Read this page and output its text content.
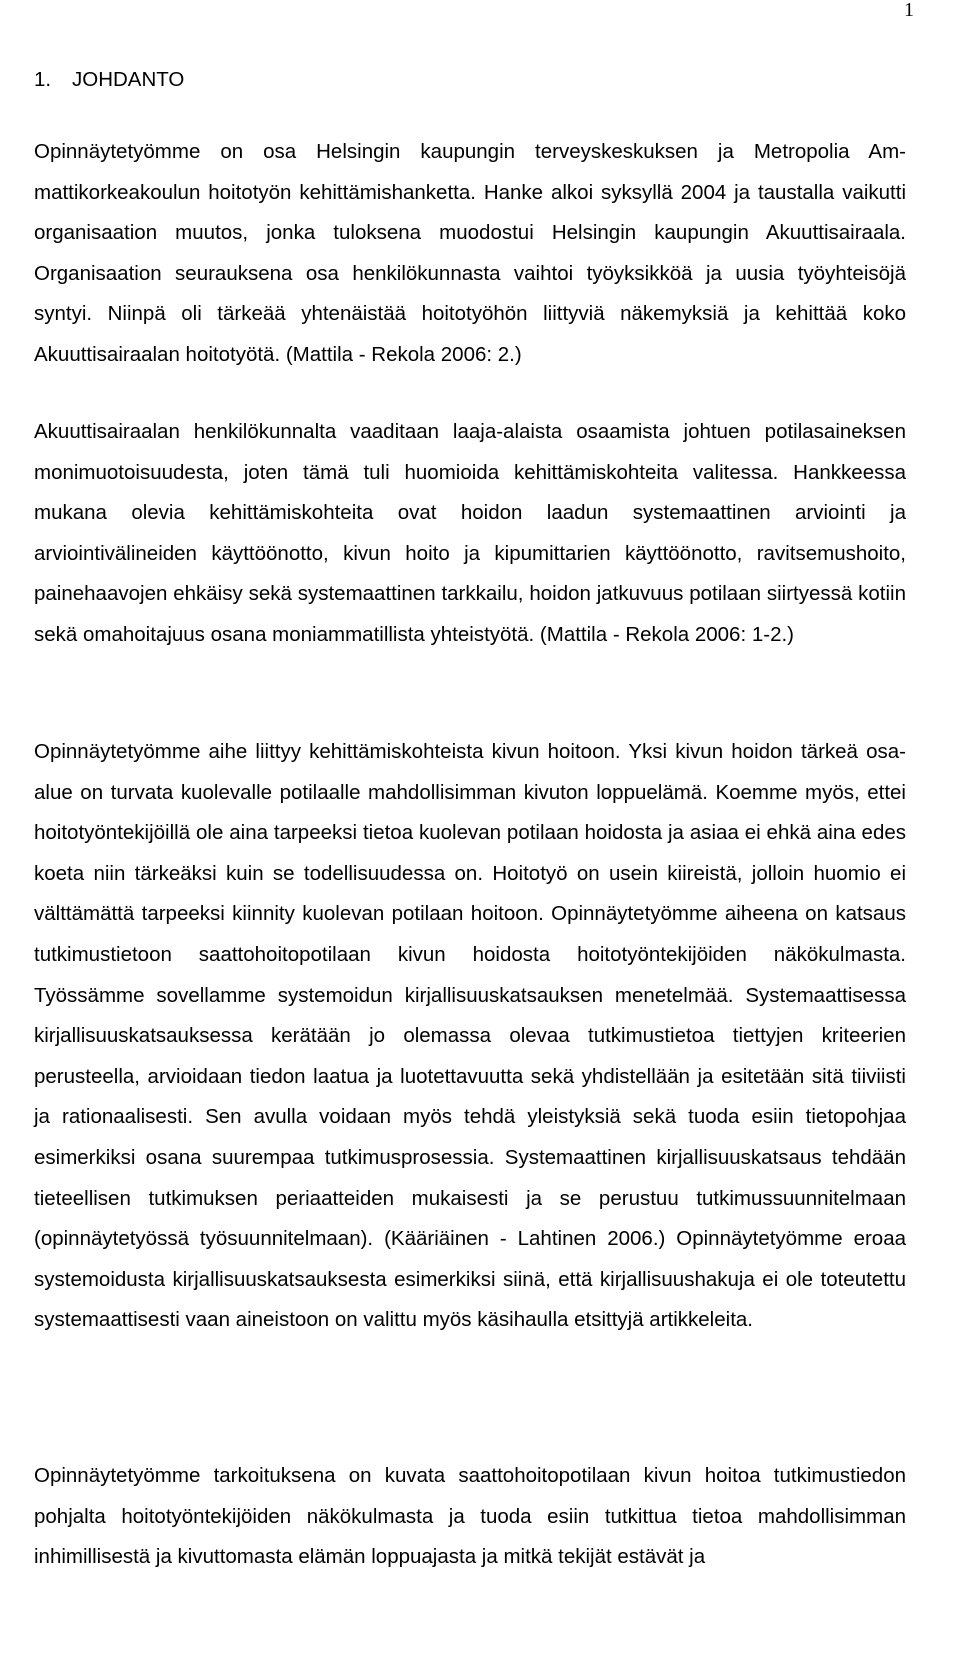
1
1. JOHDANTO

Opinnäytetyömme on osa Helsingin kaupungin terveyskeskuksen ja Metropolia Ammattikorkeakoulun hoitotyön kehittämishanketta. Hanke alkoi syksyllä 2004 ja taustalla vaikutti organisaation muutos, jonka tuloksena muodostui Helsingin kaupungin Akuuttisairaala. Organisaation seurauksena osa henkilökunnasta vaihtoi työyksikköä ja uusia työyhteisöjä syntyi. Niinpä oli tärkeää yhtenäistää hoitotyöhön liittyviä näkemyksiä ja kehittää koko Akuuttisairaalan hoitotyötä. (Mattila - Rekola 2006: 2.)

Akuuttisairaalan henkilökunnalta vaaditaan laaja-alaista osaamista johtuen potilasaineksen monimuotoisuudesta, joten tämä tuli huomioida kehittämiskohteita valitessa. Hankkeessa mukana olevia kehittämiskohteita ovat hoidon laadun systemaattinen arviointi ja arviointivälineiden käyttöönotto, kivun hoito ja kipumittarien käyttöönotto, ravitsemushoito, painehaavojen ehkäisy sekä systemaattinen tarkkailu, hoidon jatkuvuus potilaan siirtyessä kotiin sekä omahoitajuus osana moniammatillista yhteistyötä. (Mattila - Rekola 2006: 1-2.)

Opinnäytetyömme aihe liittyy kehittämiskohteista kivun hoitoon. Yksi kivun hoidon tärkeä osa-alue on turvata kuolevalle potilaalle mahdollisimman kivuton loppuelämä. Koemme myös, ettei hoitotyöntekijöillä ole aina tarpeeksi tietoa kuolevan potilaan hoidosta ja asiaa ei ehkä aina edes koeta niin tärkeäksi kuin se todellisuudessa on. Hoitotyö on usein kiireistä, jolloin huomio ei välttämättä tarpeeksi kiinnity kuolevan potilaan hoitoon. Opinnäytetyömme aiheena on katsaus tutkimustietoon saattohoitopotilaan kivun hoidosta hoitotyöntekijöiden näkökulmasta. Työssämme sovellamme systemoidun kirjallisuuskatsauksen menetelmää. Systemaattisessa kirjallisuuskatsauksessa kerätään jo olemassa olevaa tutkimustietoa tiettyjen kriteerien perusteella, arvioidaan tiedon laatua ja luotettavuutta sekä yhdistellään ja esitetään sitä tiiviisti ja rationaalisesti. Sen avulla voidaan myös tehdä yleistyksiä sekä tuoda esiin tietopohjaa esimerkiksi osana suurempaa tutkimusprosessia. Systemaattinen kirjallisuuskatsaus tehdään tieteellisen tutkimuksen periaatteiden mukaisesti ja se perustuu tutkimussuunnitelmaan (opinnäytetyössä työsuunnitelmaan). (Kääriäinen - Lahtinen 2006.) Opinnäytetyömme eroaa systemoidusta kirjallisuuskatsauksesta esimerkiksi siinä, että kirjallisuushakuja ei ole toteutettu systemaattisesti vaan aineistoon on valittu myös käsihaulla etsittyjä artikkeleita.

Opinnäytetyömme tarkoituksena on kuvata saattohoitopotilaan kivun hoitoa tutkimustiedon pohjalta hoitotyöntekijöiden näkökulmasta ja tuoda esiin tutkittua tietoa mahdollisimman inhimillisestä ja kivuttomasta elämän loppuajasta ja mitkä tekijät estävät ja
